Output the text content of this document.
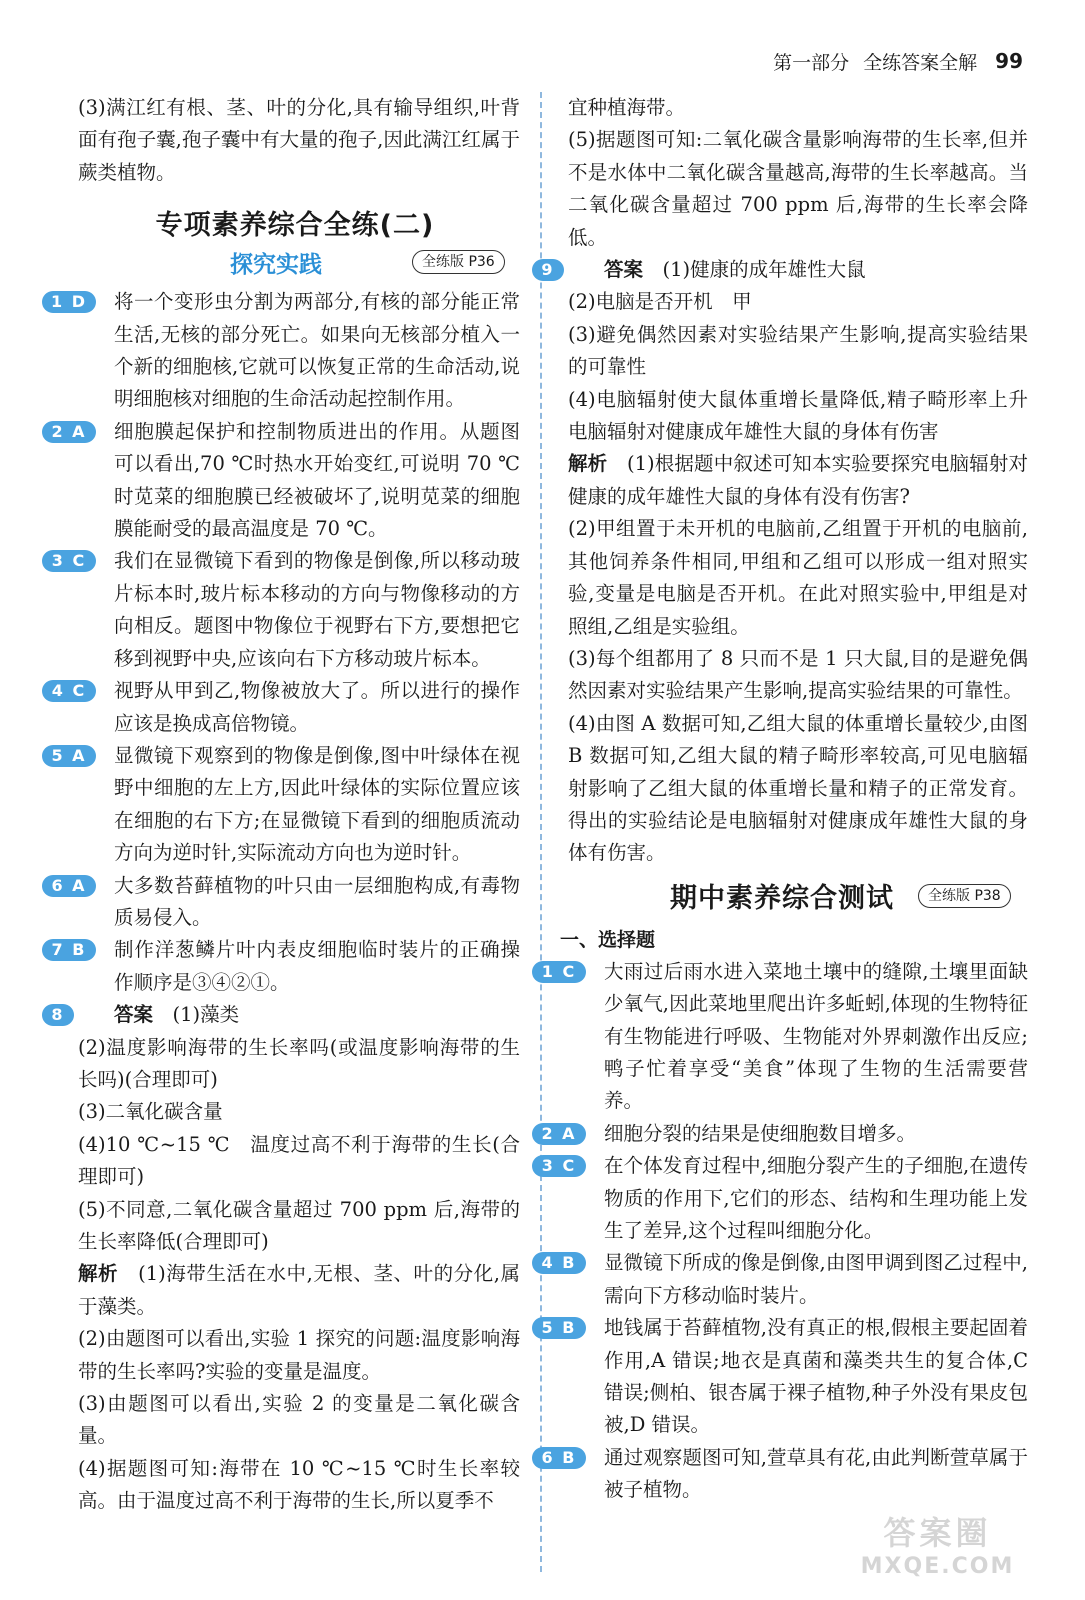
第一部分 全练答案全解 99

(3)满江红有根、茎、叶的分化,具有输导组织,叶背面有孢子囊,孢子囊中有大量的孢子,因此满江红属于蕨类植物。

专项素养综合全练(二)
探究实践	全练版 P36
1 D	将一个变形虫分割为两部分,有核的部分能正常生活,无核的部分死亡。如果向无核部分植入一个新的细胞核,它就可以恢复正常的生命活动,说明细胞核对细胞的生命活动起控制作用。

2 A	细胞膜起保护和控制物质进出的作用。从题图可以看出,70 ℃时热水开始变红,可说明 70 ℃时苋菜的细胞膜已经被破坏了,说明苋菜的细胞膜能耐受的最高温度是 70 ℃。

3 C	我们在显微镜下看到的物像是倒像,所以移动玻片标本时,玻片标本移动的方向与物像移动的方向相反。题图中物像位于视野右下方,要想把它移到视野中央,应该向右下方移动玻片标本。

4 C	视野从甲到乙,物像被放大了。所以进行的操作应该是换成高倍物镜。

5 A	显微镜下观察到的物像是倒像,图中叶绿体在视野中细胞的左上方,因此叶绿体的实际位置应该在细胞的右下方;在显微镜下看到的细胞质流动方向为逆时针,实际流动方向也为逆时针。

6 A	大多数苔藓植物的叶只由一层细胞构成,有毒物质易侵入。

7 B	制作洋葱鳞片叶内表皮细胞临时装片的正确操作顺序是③④②①。

8	答案　 (1)藻类

(2)温度影响海带的生长率吗(或温度影响海带的生长吗)(合理即可)

(3)二氧化碳含量

(4)10 ℃~15 ℃　温度过高不利于海带的生长(合理即可)

(5)不同意,二氧化碳含量超过 700 ppm 后,海带的生长率降低(合理即可)

解析　 (1)海带生活在水中,无根、茎、叶的分化,属于藻类。

(2)由题图可以看出,实验 1 探究的问题:温度影响海带的生长率吗?实验的变量是温度。

(3)由题图可以看出,实验 2 的变量是二氧化碳含量。

(4)据题图可知:海带在 10 ℃~15 ℃时生长率较高。由于温度过高不利于海带的生长,所以夏季不

宜种植海带。

(5)据题图可知:二氧化碳含量影响海带的生长率,但并不是水体中二氧化碳含量越高,海带的生长率越高。当二氧化碳含量超过 700 ppm 后,海带的生长率会降低。

9	答案　 (1)健康的成年雄性大鼠

(2)电脑是否开机　甲

(3)避免偶然因素对实验结果产生影响,提高实验结果的可靠性

(4)电脑辐射使大鼠体重增长量降低,精子畸形率上升　电脑辐射对健康成年雄性大鼠的身体有伤害

解析　 (1)根据题中叙述可知本实验要探究电脑辐射对健康的成年雄性大鼠的身体有没有伤害?

(2)甲组置于未开机的电脑前,乙组置于开机的电脑前,其他饲养条件相同,甲组和乙组可以形成一组对照实验,变量是电脑是否开机。在此对照实验中,甲组是对照组,乙组是实验组。

(3)每个组都用了 8 只而不是 1 只大鼠,目的是避免偶然因素对实验结果产生影响,提高实验结果的可靠性。

(4)由图 A 数据可知,乙组大鼠的体重增长量较少,由图 B 数据可知,乙组大鼠的精子畸形率较高,可见电脑辐射影响了乙组大鼠的体重增长量和精子的正常发育。得出的实验结论是电脑辐射对健康成年雄性大鼠的身体有伤害。

期中素养综合测试	全练版 P38
一、选择题
1 C	大雨过后雨水进入菜地土壤中的缝隙,土壤里面缺少氧气,因此菜地里爬出许多蚯蚓,体现的生物特征有生物能进行呼吸、生物能对外界刺激作出反应;鸭子忙着享受“美食”体现了生物的生活需要营养。

2 A	细胞分裂的结果是使细胞数目增多。

3 C	在个体发育过程中,细胞分裂产生的子细胞,在遗传物质的作用下,它们的形态、结构和生理功能上发生了差异,这个过程叫细胞分化。

4 B	显微镜下所成的像是倒像,由图甲调到图乙过程中,需向下方移动临时装片。

5 B	地钱属于苔藓植物,没有真正的根,假根主要起固着作用,A 错误;地衣是真菌和藻类共生的复合体,C 错误;侧柏、银杏属于裸子植物,种子外没有果皮包被,D 错误。

6 B	通过观察题图可知,萱草具有花,由此判断萱草属于被子植物。

答案圈
MXQE.COM
